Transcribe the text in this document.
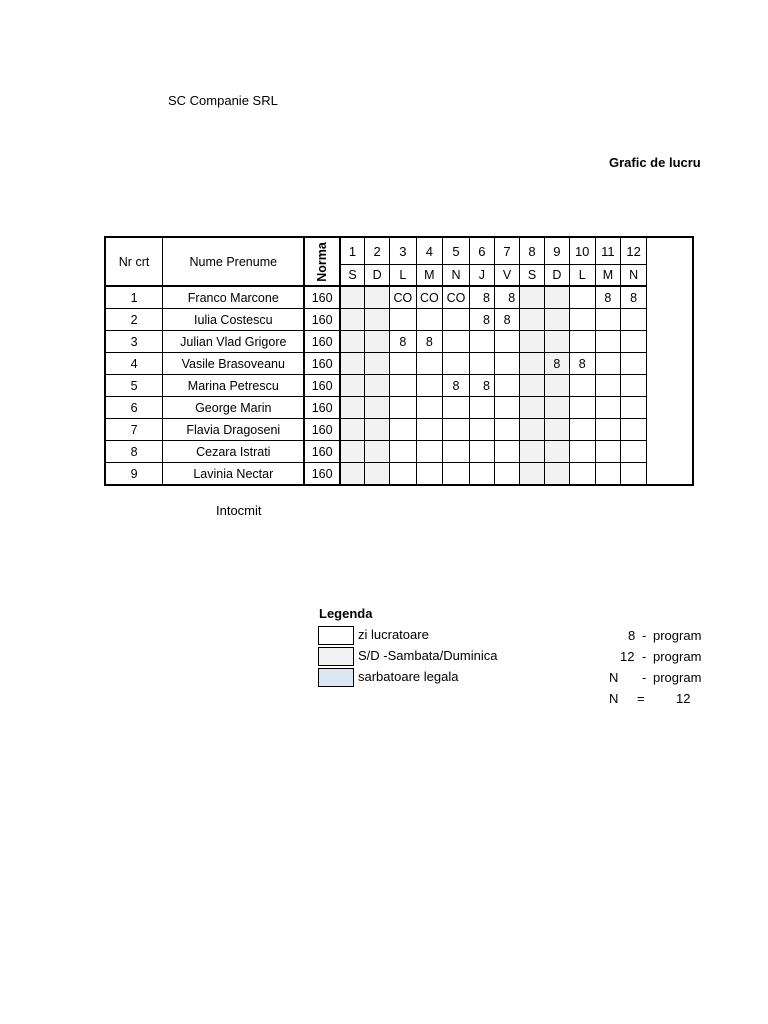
SC Companie SRL
Grafic de lucru
Nr crt	Nume Prenume	Norma	1	2	3	4	5	6	7	8	9	10	11	12
			S	D	L	M	N	J	V	S	D	L	M	N
1	Franco Marcone	160			CO	CO	CO	8	8				8	8
2	Iulia Costescu	160						8	8					
3	Julian Vlad Grigore	160			8	8								
4	Vasile Brasoveanu	160									8	8		
5	Marina Petrescu	160					8	8						
6	George Marin	160												
7	Flavia Dragoseni	160												
8	Cezara Istrati	160												
9	Lavinia Nectar	160												
Intocmit
Legenda
zi lucratoare
S/D -Sambata/Duminica
sarbatoare legala
8 - program
12 - program
N - program
N = 12
